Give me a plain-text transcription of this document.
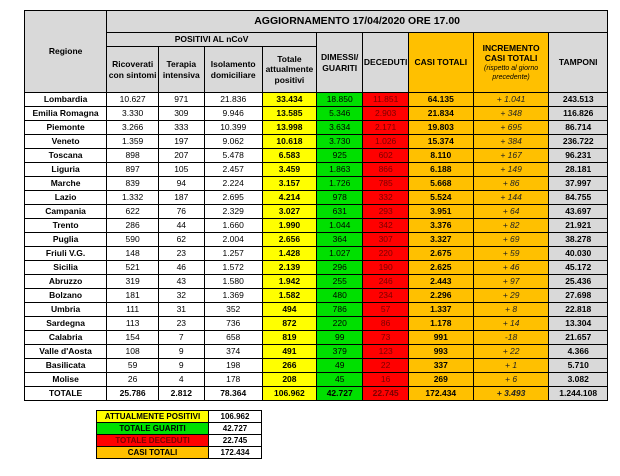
Regione	AGGIORNAMENTO 17/04/2020 ORE 17.00								
	POSITIVI AL nCoV				DIMESSI/ GUARITI	DECEDUTI	CASI TOTALI	INCREMENTO CASI TOTALI
(rispetto al giorno precedente)	TAMPONI
	Ricoverati con sintomi	Terapia intensiva	Isolamento domiciliare	Totale attualmente positivi					
Lombardia	10.627	971	21.836	33.434	18.850	11.851	64.135	+ 1.041	243.513
Emilia Romagna	3.330	309	9.946	13.585	5.346	2.903	21.834	+ 348	116.826
Piemonte	3.266	333	10.399	13.998	3.634	2.171	19.803	+ 695	86.714
Veneto	1.359	197	9.062	10.618	3.730	1.026	15.374	+ 384	236.722
Toscana	898	207	5.478	6.583	925	602	8.110	+ 167	96.231
Liguria	897	105	2.457	3.459	1.863	866	6.188	+ 149	28.181
Marche	839	94	2.224	3.157	1.726	785	5.668	+ 86	37.997
Lazio	1.332	187	2.695	4.214	978	332	5.524	+ 144	84.755
Campania	622	76	2.329	3.027	631	293	3.951	+ 64	43.697
Trento	286	44	1.660	1.990	1.044	342	3.376	+ 82	21.921
Puglia	590	62	2.004	2.656	364	307	3.327	+ 69	38.278
Friuli V.G.	148	23	1.257	1.428	1.027	220	2.675	+ 59	40.030
Sicilia	521	46	1.572	2.139	296	190	2.625	+ 46	45.172
Abruzzo	319	43	1.580	1.942	255	246	2.443	+ 97	25.436
Bolzano	181	32	1.369	1.582	480	234	2.296	+ 29	27.698
Umbria	111	31	352	494	786	57	1.337	+ 8	22.818
Sardegna	113	23	736	872	220	86	1.178	+ 14	13.304
Calabria	154	7	658	819	99	73	991	-18	21.657
Valle d'Aosta	108	9	374	491	379	123	993	+ 22	4.366
Basilicata	59	9	198	266	49	22	337	+ 1	5.710
Molise	26	4	178	208	45	16	269	+ 6	3.082
TOTALE	25.786	2.812	78.364	106.962	42.727	22.745	172.434	+ 3.493	1.244.108
ATTUALMENTE POSITIVI	106.962
TOTALE GUARITI	42.727
TOTALE DECEDUTI	22.745
CASI TOTALI	172.434
